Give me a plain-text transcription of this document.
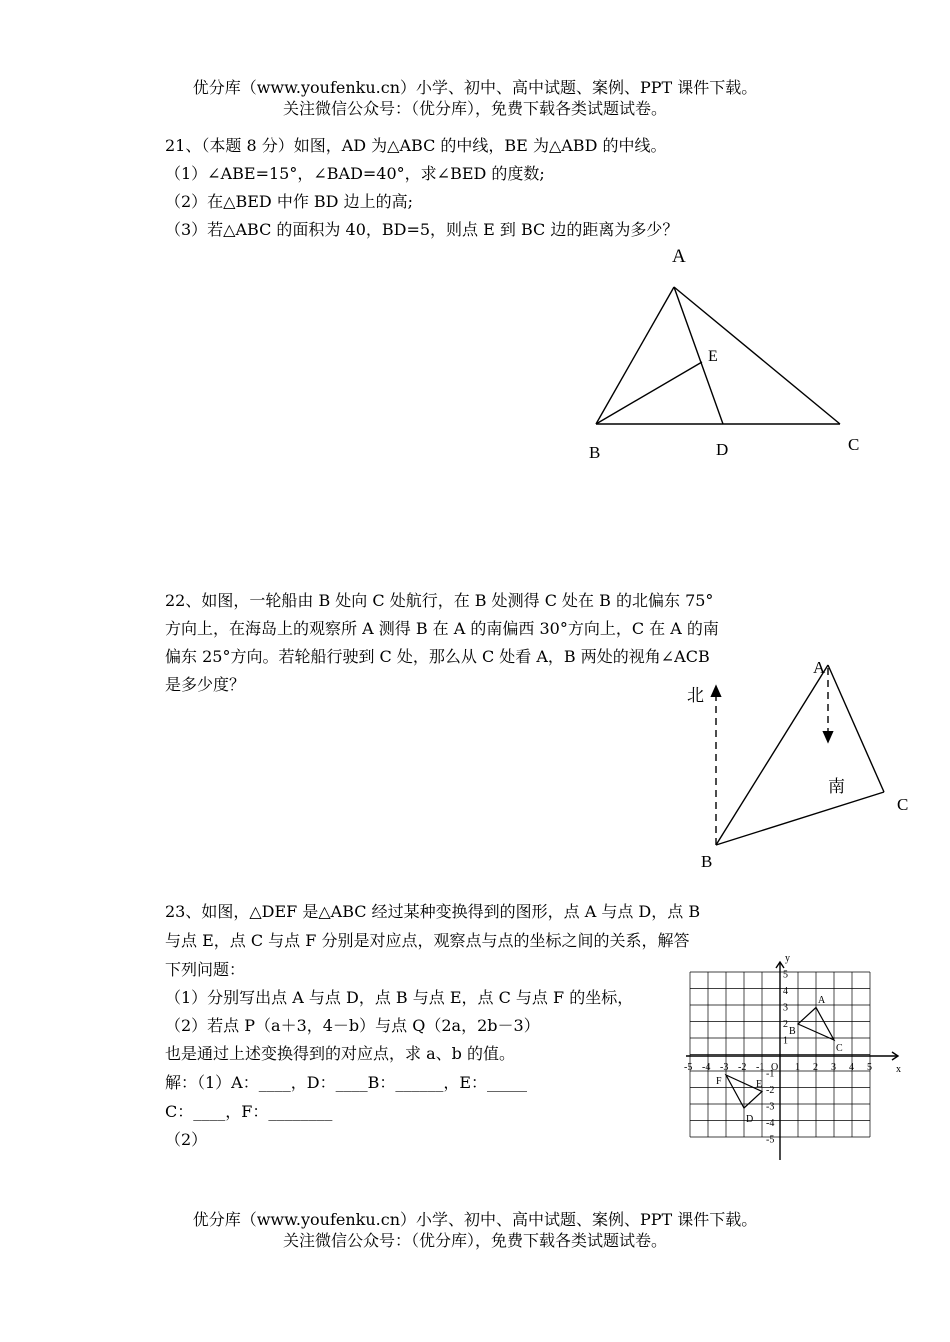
优分库（www.youfenku.cn）小学、初中、高中试题、案例、PPT 课件下载。
关注微信公众号：（优分库），免费下载各类试题试卷。
21、（本题 8 分）如图，AD 为△ABC 的中线，BE 为△ABD 的中线。
（1）∠ABE=15°，∠BAD=40°，求∠BED 的度数;
（2）在△BED 中作 BD 边上的高;
（3）若△ABC 的面积为 40，BD=5，则点 E 到 BC 边的距离为多少？
A
E
B	D	C
22、如图，一轮船由 B 处向 C 处航行，在 B 处测得 C 处在 B 的北偏东 75°
方向上，在海岛上的观察所 A 测得 B 在 A 的南偏西 30°方向上，C 在 A 的南
偏东 25°方向。若轮船行驶到 C 处，那么从 C 处看 A，B 两处的视角∠ACB
是多少度？
北
南
A
C
B
23、如图，△DEF 是△ABC 经过某种变换得到的图形，点 A 与点 D，点 B
与点 E，点 C 与点 F 分别是对应点，观察点与点的坐标之间的关系，解答
下列问题：
（1）分别写出点 A 与点 D，点 B 与点 E，点 C 与点 F 的坐标，
（2）若点 P（a＋3，4－b）与点 Q（2a，2b－3）
也是通过上述变换得到的对应点，求 a、b 的值。
解：（1）A：____，D：____B：______，E：_____
C：____，F：________
（2）
x
y
O
-5 -4 -3 -2 -1	1 2 3 4 5
1
2
3
4
5
-1
-2
-3
-4
-5
A
B
C
F	E
D
优分库（www.youfenku.cn）小学、初中、高中试题、案例、PPT 课件下载。
关注微信公众号：（优分库），免费下载各类试题试卷。
